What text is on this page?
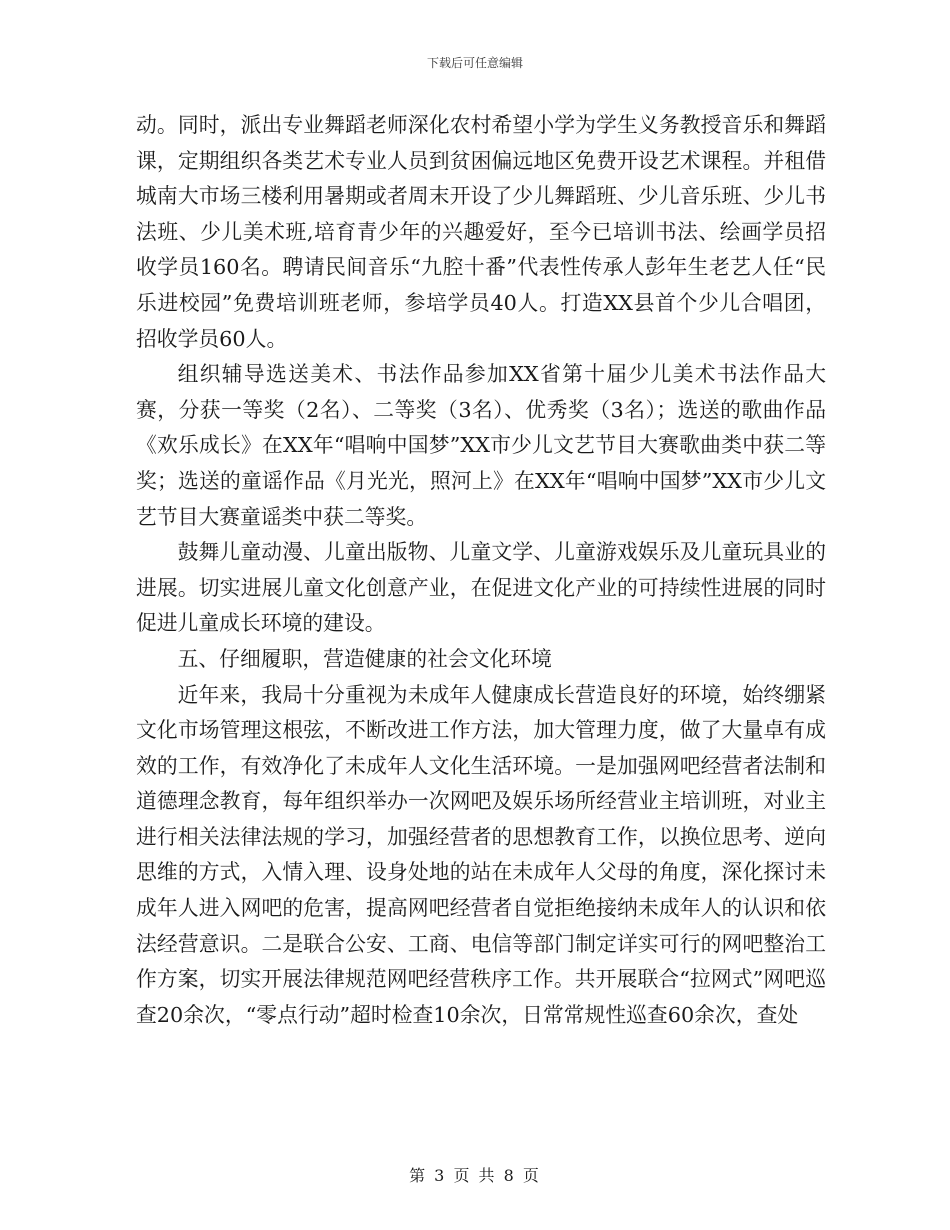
下载后可任意编辑

动。同时，派出专业舞蹈老师深化农村希望小学为学生义务教授音乐和舞蹈课，定期组织各类艺术专业人员到贫困偏远地区免费开设艺术课程。并租借城南大市场三楼利用暑期或者周末开设了少儿舞蹈班、少儿音乐班、少儿书法班、少儿美术班,培育青少年的兴趣爱好，至今已培训书法、绘画学员招收学员160名。聘请民间音乐“九腔十番”代表性传承人彭年生老艺人任“民乐进校园”免费培训班老师，参培学员40人。打造XX县首个少儿合唱团，招收学员60人。

组织辅导选送美术、书法作品参加XX省第十届少儿美术书法作品大赛，分获一等奖（2名）、二等奖（3名）、优秀奖（3名）；选送的歌曲作品《欢乐成长》在XX年“唱响中国梦”XX市少儿文艺节目大赛歌曲类中获二等奖；选送的童谣作品《月光光，照河上》在XX年“唱响中国梦”XX市少儿文艺节目大赛童谣类中获二等奖。

鼓舞儿童动漫、儿童出版物、儿童文学、儿童游戏娱乐及儿童玩具业的进展。切实进展儿童文化创意产业，在促进文化产业的可持续性进展的同时促进儿童成长环境的建设。

五、仔细履职，营造健康的社会文化环境

近年来，我局十分重视为未成年人健康成长营造良好的环境，始终绷紧文化市场管理这根弦，不断改进工作方法，加大管理力度，做了大量卓有成效的工作，有效净化了未成年人文化生活环境。一是加强网吧经营者法制和道德理念教育，每年组织举办一次网吧及娱乐场所经营业主培训班，对业主进行相关法律法规的学习，加强经营者的思想教育工作，以换位思考、逆向思维的方式，入情入理、设身处地的站在未成年人父母的角度，深化探讨未成年人进入网吧的危害，提高网吧经营者自觉拒绝接纳未成年人的认识和依法经营意识。二是联合公安、工商、电信等部门制定详实可行的网吧整治工作方案，切实开展法律规范网吧经营秩序工作。共开展联合“拉网式”网吧巡查20余次，“零点行动”超时检查10余次，日常常规性巡查60余次，查处

第 3 页 共 8 页
